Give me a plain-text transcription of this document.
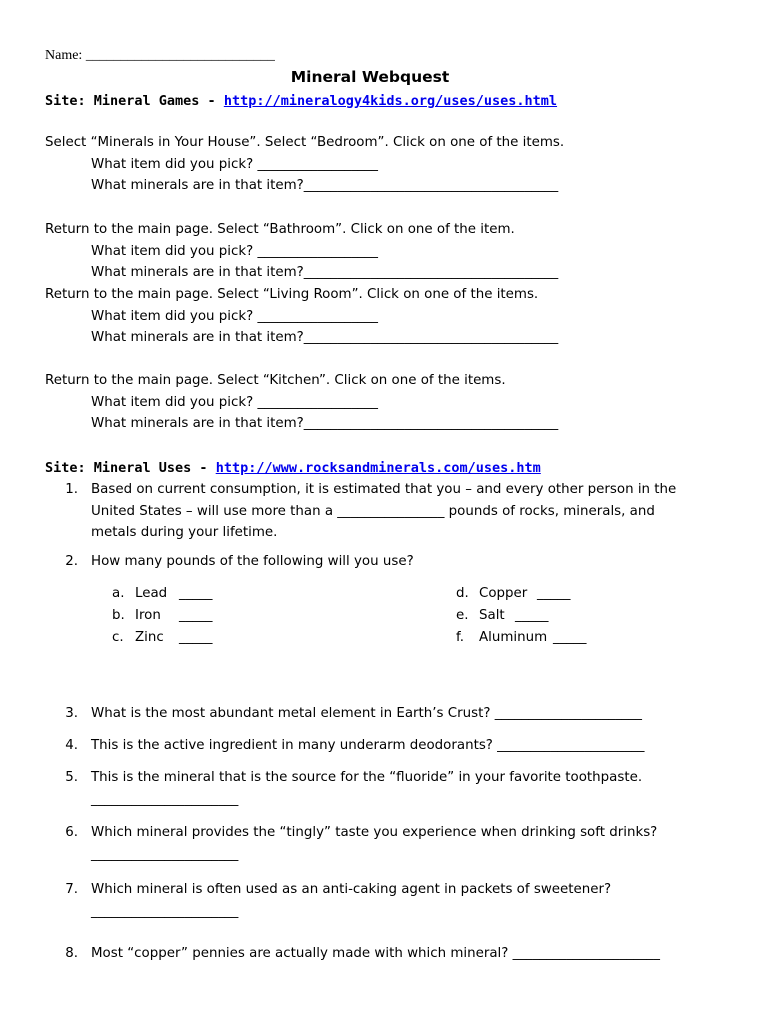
Name: ___________________________
Mineral Webquest
Site: Mineral Games - http://mineralogy4kids.org/uses/uses.html
Select “Minerals in Your House”. Select “Bedroom”. Click on one of the items.
What item did you pick? __________________
What minerals are in that item?______________________________________
Return to the main page. Select “Bathroom”. Click on one of the item.
What item did you pick? __________________
What minerals are in that item?______________________________________
Return to the main page. Select “Living Room”. Click on one of the items.
What item did you pick? __________________
What minerals are in that item?______________________________________
Return to the main page. Select “Kitchen”. Click on one of the items.
What item did you pick? __________________
What minerals are in that item?______________________________________
Site: Mineral Uses - http://www.rocksandminerals.com/uses.htm
1. Based on current consumption, it is estimated that you – and every other person in the
United States – will use more than a ________________ pounds of rocks, minerals, and
metals during your lifetime.
2. How many pounds of the following will you use?
a. Lead _____
b. Iron _____
c. Zinc _____
d. Copper _____
e. Salt _____
f. Aluminum _____
3. What is the most abundant metal element in Earth’s Crust? ______________________
4. This is the active ingredient in many underarm deodorants? ______________________
5. This is the mineral that is the source for the “fluoride” in your favorite toothpaste.
______________________
6. Which mineral provides the “tingly” taste you experience when drinking soft drinks?
______________________
7. Which mineral is often used as an anti-caking agent in packets of sweetener?
______________________
8. Most “copper” pennies are actually made with which mineral? ______________________
